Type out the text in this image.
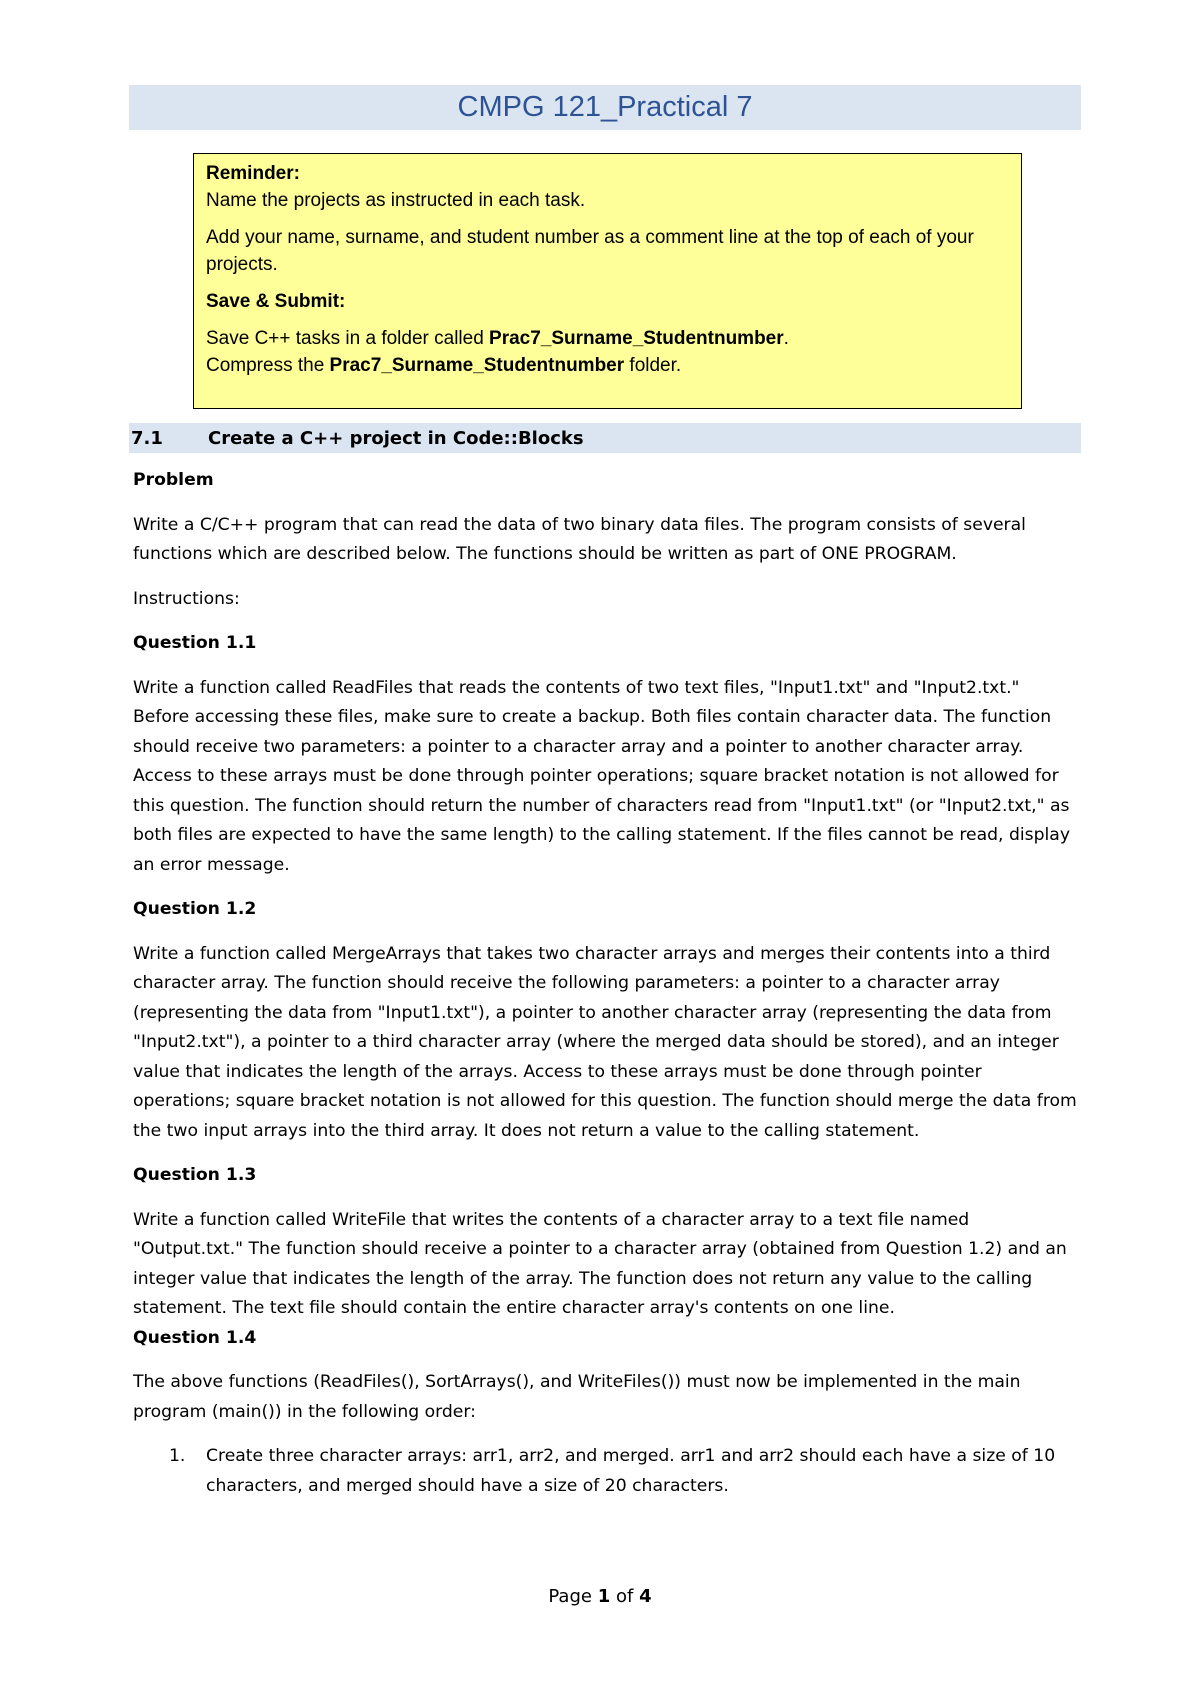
CMPG 121_Practical 7

Reminder:

Name the projects as instructed in each task.

Add your name, surname, and student number as a comment line at the top of each of your projects.

Save & Submit:

Save C++ tasks in a folder called Prac7_Surname_Studentnumber.

Compress the Prac7_Surname_Studentnumber folder.

7.1	Create a C++ project in Code::Blocks

Problem

Write a C/C++ program that can read the data of two binary data files. The program consists of several functions which are described below. The functions should be written as part of ONE PROGRAM.

Instructions:

Question 1.1

Write a function called ReadFiles that reads the contents of two text files, "Input1.txt" and "Input2.txt." Before accessing these files, make sure to create a backup. Both files contain character data. The function should receive two parameters: a pointer to a character array and a pointer to another character array. Access to these arrays must be done through pointer operations; square bracket notation is not allowed for this question. The function should return the number of characters read from "Input1.txt" (or "Input2.txt," as both files are expected to have the same length) to the calling statement. If the files cannot be read, display an error message.

Question 1.2

Write a function called MergeArrays that takes two character arrays and merges their contents into a third character array. The function should receive the following parameters: a pointer to a character array (representing the data from "Input1.txt"), a pointer to another character array (representing the data from "Input2.txt"), a pointer to a third character array (where the merged data should be stored), and an integer value that indicates the length of the arrays. Access to these arrays must be done through pointer operations; square bracket notation is not allowed for this question. The function should merge the data from the two input arrays into the third array. It does not return a value to the calling statement.

Question 1.3

Write a function called WriteFile that writes the contents of a character array to a text file named "Output.txt." The function should receive a pointer to a character array (obtained from Question 1.2) and an integer value that indicates the length of the array. The function does not return any value to the calling statement. The text file should contain the entire character array's contents on one line.

Question 1.4

The above functions (ReadFiles(), SortArrays(), and WriteFiles()) must now be implemented in the main program (main()) in the following order:

1.	Create three character arrays: arr1, arr2, and merged. arr1 and arr2 should each have a size of 10 characters, and merged should have a size of 20 characters.
Page 1 of 4
